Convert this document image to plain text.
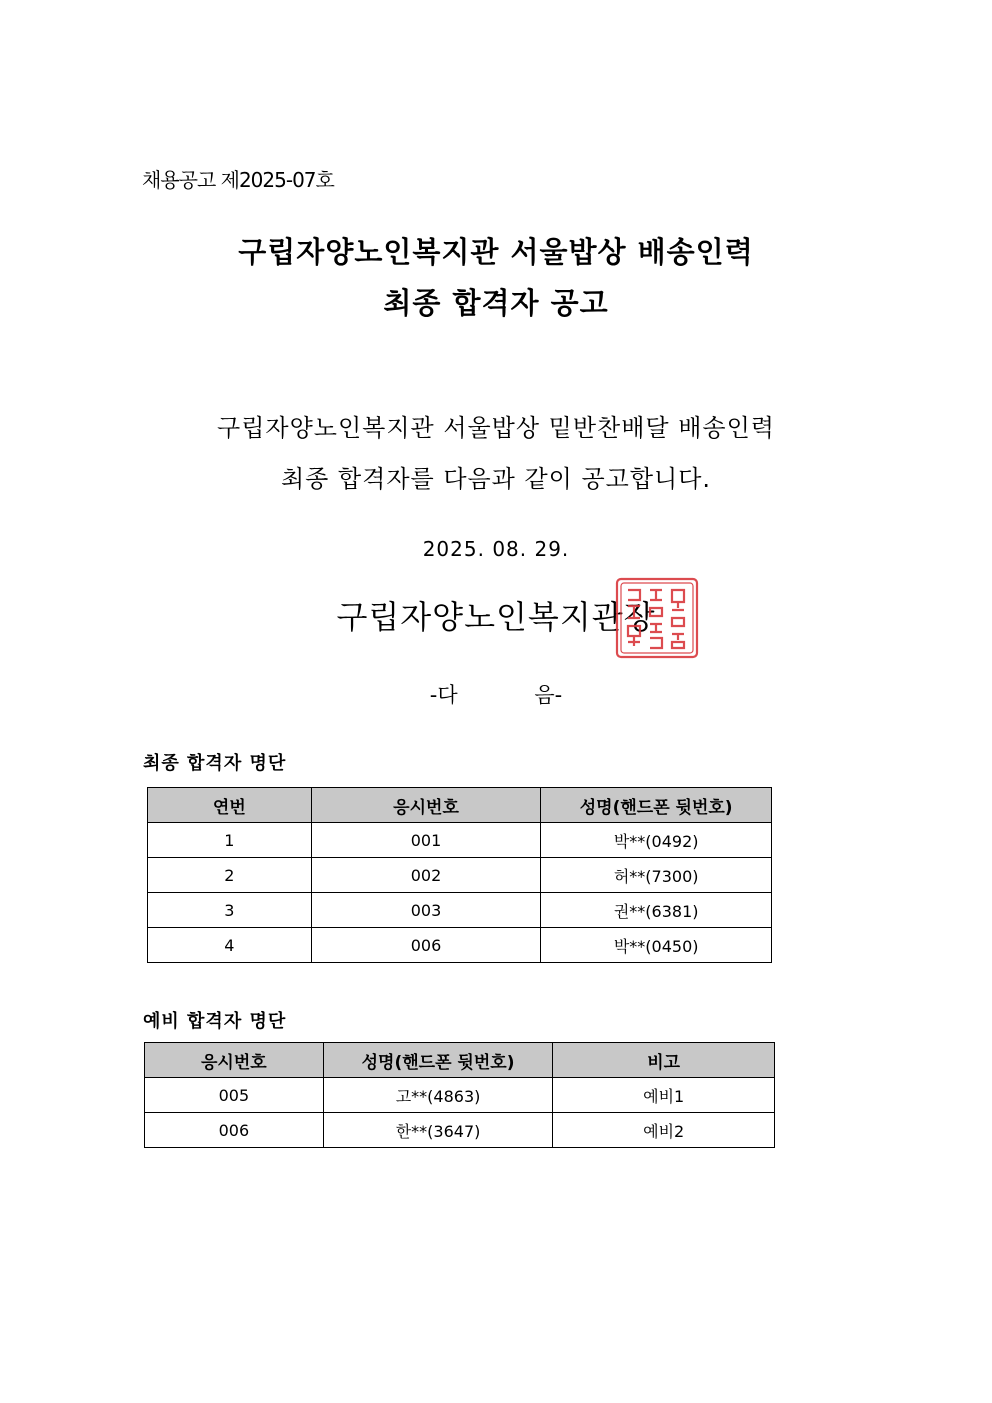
채용공고 제2025-07호
구립자양노인복지관 서울밥상 배송인력
최종 합격자 공고
구립자양노인복지관 서울밥상 밑반찬배달 배송인력
최종 합격자를 다음과 같이 공고합니다.
2025. 08. 29.
구립자양노인복지관장
-다 음-
최종 합격자 명단
연번	응시번호	성명(핸드폰 뒷번호)
1	001	박**(0492)
2	002	허**(7300)
3	003	권**(6381)
4	006	박**(0450)
예비 합격자 명단
응시번호	성명(핸드폰 뒷번호)	비고
005	고**(4863)	예비1
006	한**(3647)	예비2
